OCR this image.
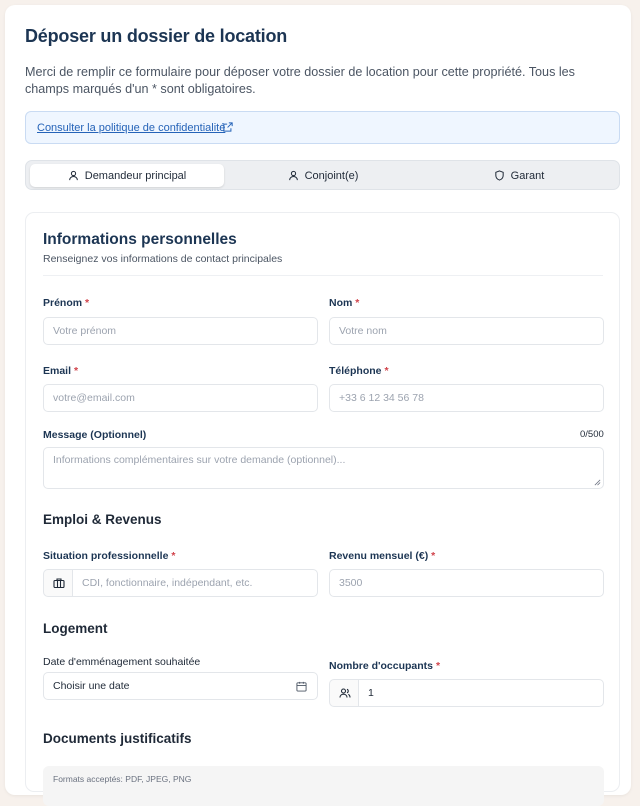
Déposer un dossier de location

Merci de remplir ce formulaire pour déposer votre dossier de location pour cette propriété. Tous les champs marqués d'un * sont obligatoires.

Consulter la politique de confidentialité
Demandeur principal	Conjoint(e)	Garant
Informations personnelles

Renseignez vos informations de contact principales

Prénom *
Votre prénom
Nom *
Votre nom
Email *
votre@email.com
Téléphone *
+33 6 12 34 56 78
Message (Optionnel)	0/500
Informations complémentaires sur votre demande (optionnel)...
Emploi & Revenus
Situation professionnelle *
CDI, fonctionnaire, indépendant, etc.
Revenu mensuel (€) *
3500
Logement
Date d'emménagement souhaitée
Choisir une date
Nombre d'occupants *
1
Documents justificatifs
Formats acceptés: PDF, JPEG, PNG
